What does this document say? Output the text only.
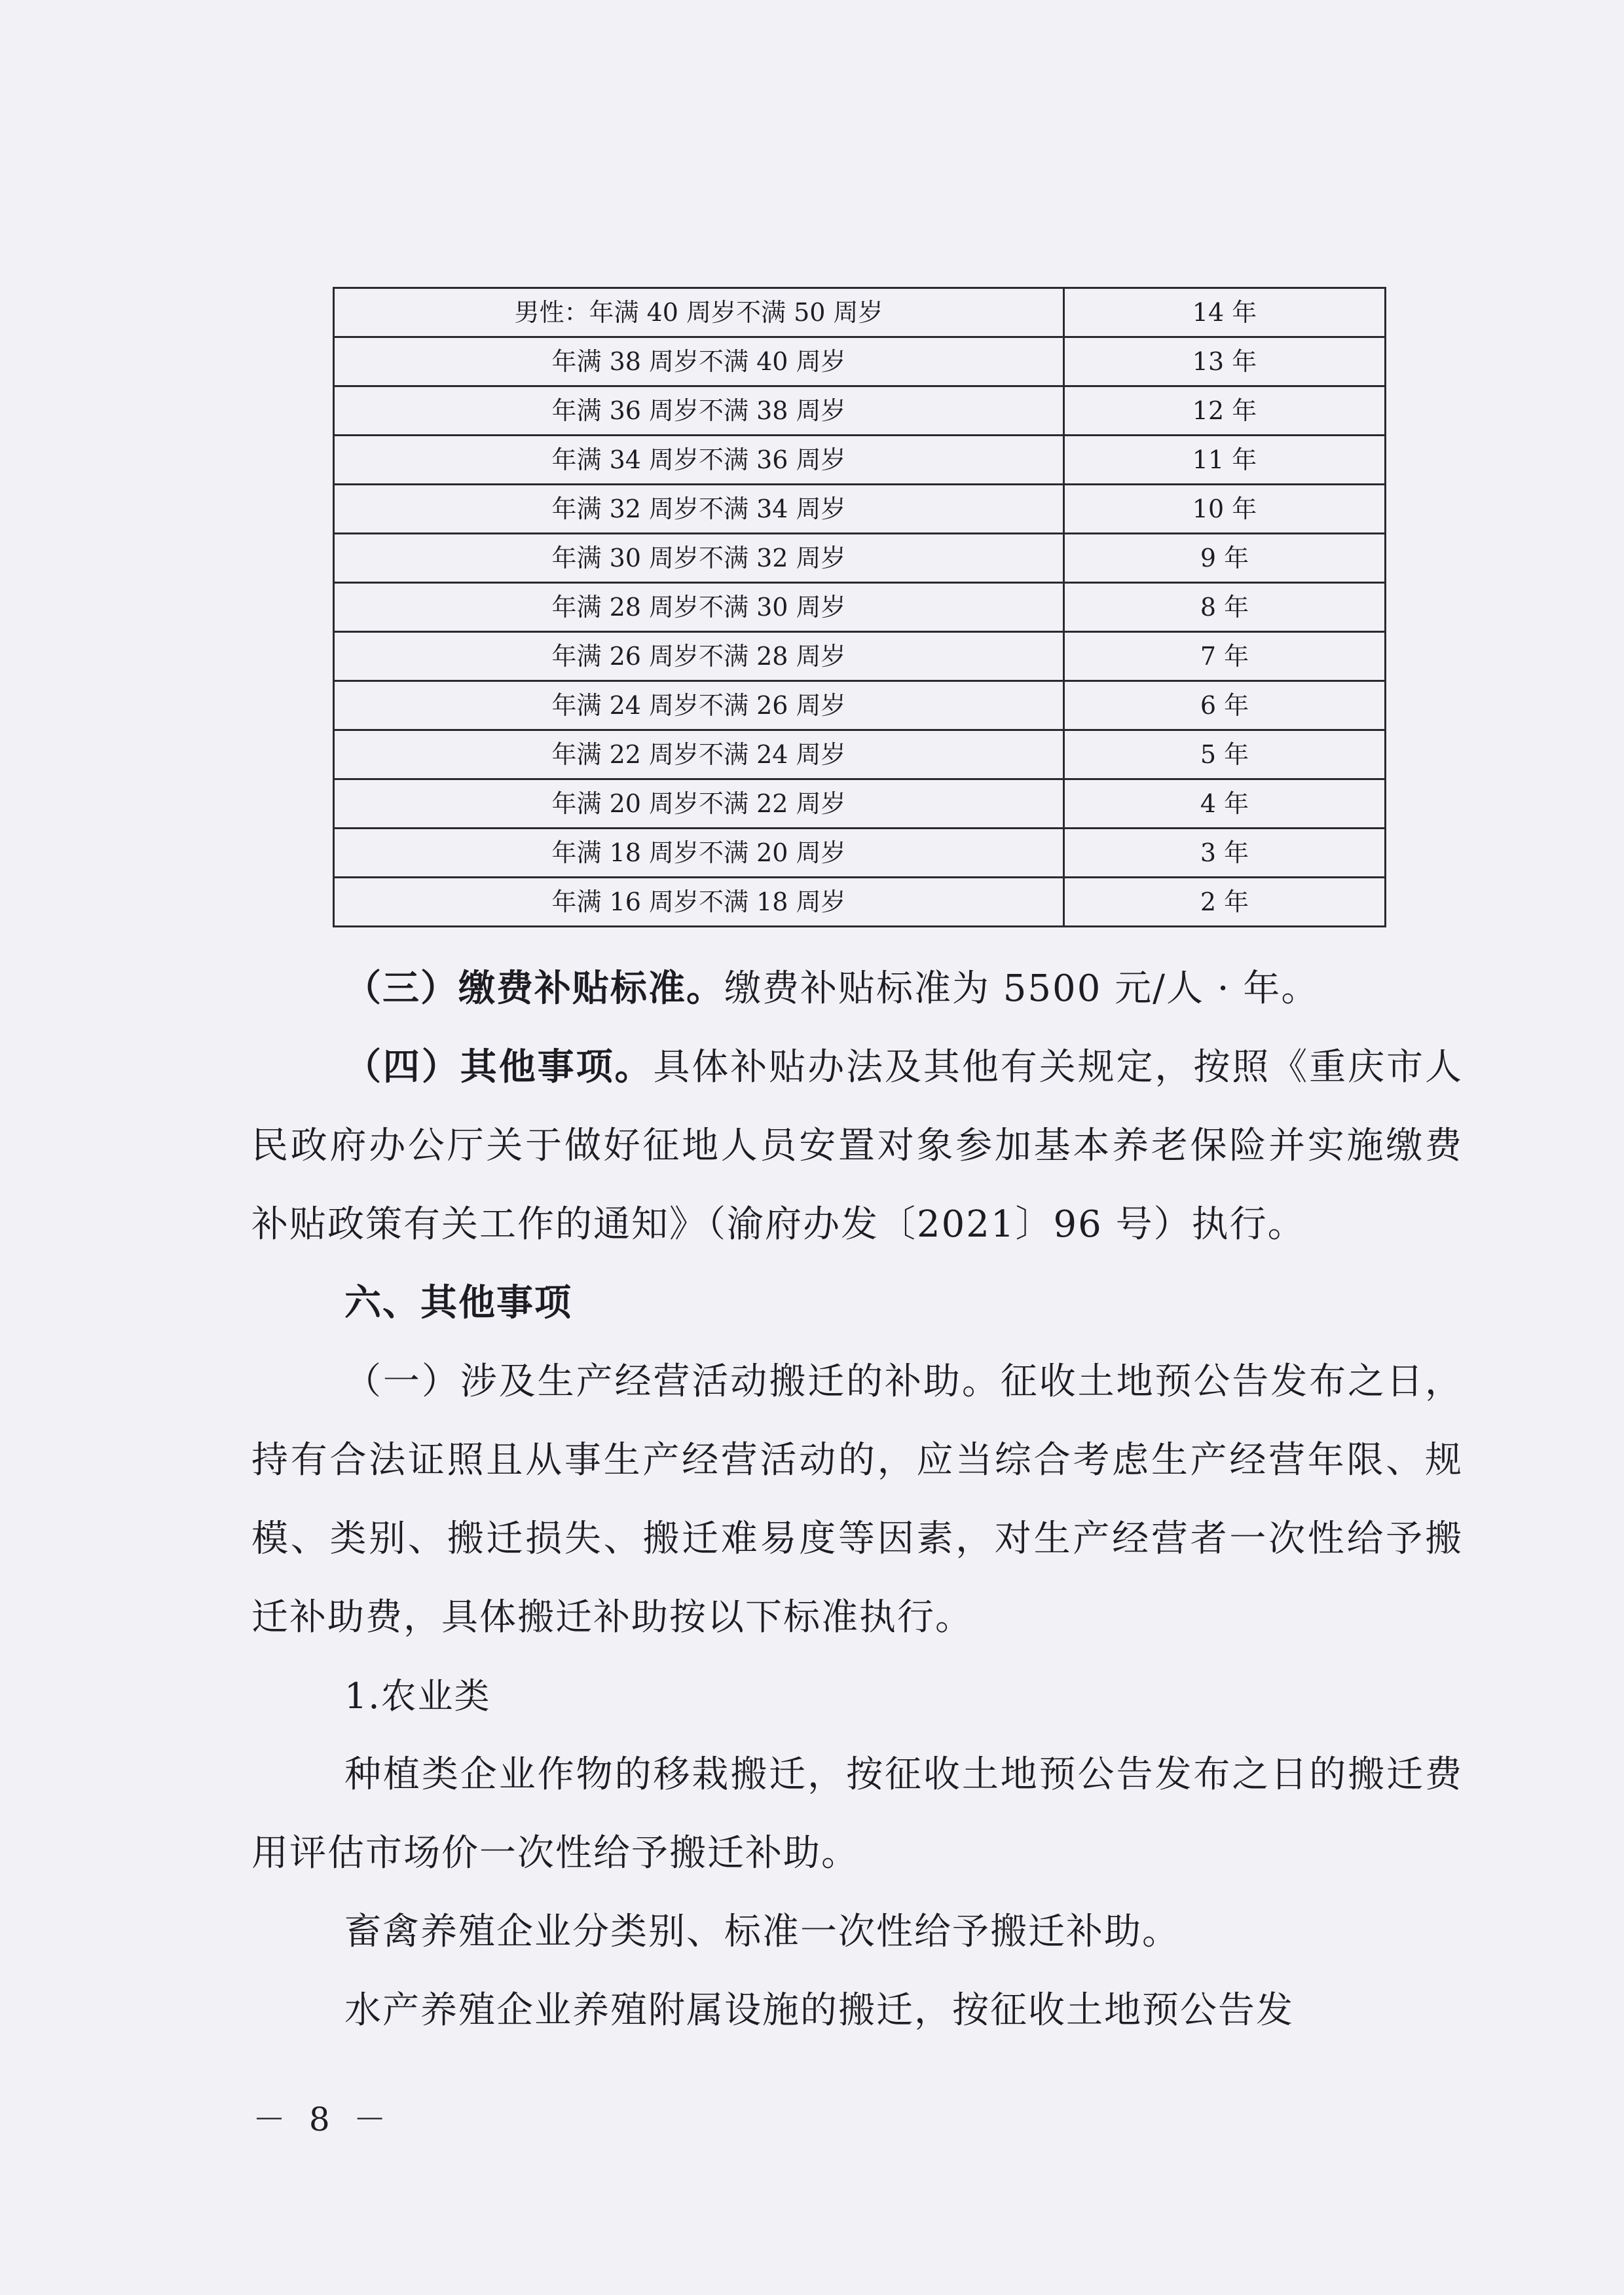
男性：年满 40 周岁不满 50 周岁	14 年
年满 38 周岁不满 40 周岁	13 年
年满 36 周岁不满 38 周岁	12 年
年满 34 周岁不满 36 周岁	11 年
年满 32 周岁不满 34 周岁	10 年
年满 30 周岁不满 32 周岁	9 年
年满 28 周岁不满 30 周岁	8 年
年满 26 周岁不满 28 周岁	7 年
年满 24 周岁不满 26 周岁	6 年
年满 22 周岁不满 24 周岁	5 年
年满 20 周岁不满 22 周岁	4 年
年满 18 周岁不满 20 周岁	3 年
年满 16 周岁不满 18 周岁	2 年

（三）缴费补贴标准。缴费补贴标准为 5500 元/人 · 年。

（四）其他事项。具体补贴办法及其他有关规定，按照《重庆市人民政府办公厅关于做好征地人员安置对象参加基本养老保险并实施缴费补贴政策有关工作的通知》（渝府办发〔2021〕96 号）执行。

六、其他事项

（一）涉及生产经营活动搬迁的补助。征收土地预公告发布之日，持有合法证照且从事生产经营活动的，应当综合考虑生产经营年限、规模、类别、搬迁损失、搬迁难易度等因素，对生产经营者一次性给予搬迁补助费，具体搬迁补助按以下标准执行。

1.农业类

种植类企业作物的移栽搬迁，按征收土地预公告发布之日的搬迁费用评估市场价一次性给予搬迁补助。

畜禽养殖企业分类别、标准一次性给予搬迁补助。

水产养殖企业养殖附属设施的搬迁，按征收土地预公告发

－ 8 －
